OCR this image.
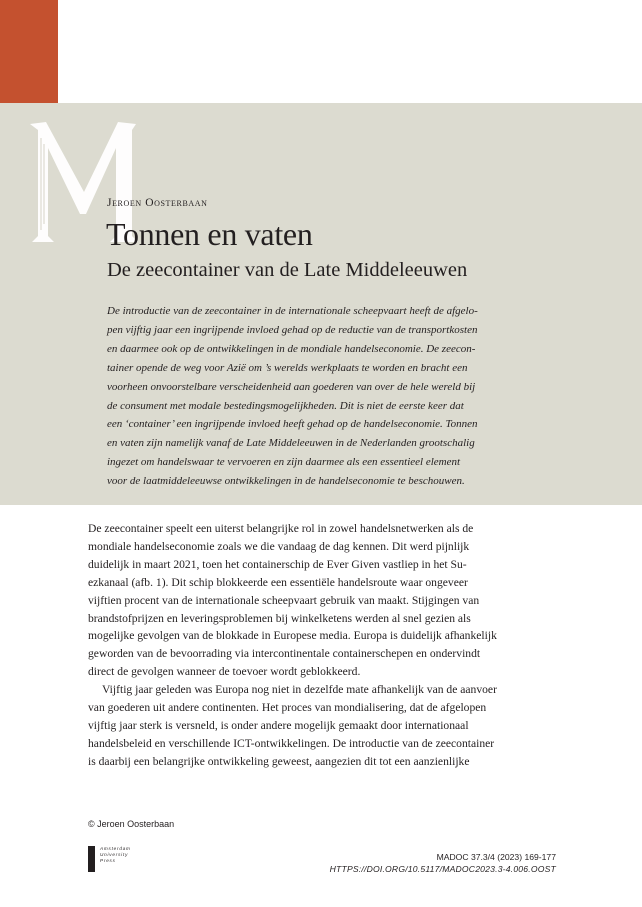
Jeroen Oosterbaan
Tonnen en vaten
De zeecontainer van de Late Middeleeuwen
De introductie van de zeecontainer in de internationale scheepvaart heeft de afgelo-
pen vijftig jaar een ingrijpende invloed gehad op de reductie van de transportkosten
en daarmee ook op de ontwikkelingen in de mondiale handelseconomie. De zeecon-
tainer opende de weg voor Azië om ’s werelds werkplaats te worden en bracht een
voorheen onvoorstelbare verscheidenheid aan goederen van over de hele wereld bij
de consument met modale bestedingsmogelijkheden. Dit is niet de eerste keer dat
een ‘container’ een ingrijpende invloed heeft gehad op de handelseconomie. Tonnen
en vaten zijn namelijk vanaf de Late Middeleeuwen in de Nederlanden grootschalig
ingezet om handelswaar te vervoeren en zijn daarmee als een essentieel element
voor de laatmiddeleeuwse ontwikkelingen in de handelseconomie te beschouwen.
De zeecontainer speelt een uiterst belangrijke rol in zowel handelsnetwerken als de
mondiale handelseconomie zoals we die vandaag de dag kennen. Dit werd pijnlijk
duidelijk in maart 2021, toen het containerschip de Ever Given vastliep in het Su-
ezkanaal (afb. 1). Dit schip blokkeerde een essentiële handelsroute waar ongeveer
vijftien procent van de internationale scheepvaart gebruik van maakt. Stijgingen van
brandstofprijzen en leveringsproblemen bij winkelketens werden al snel gezien als
mogelijke gevolgen van de blokkade in Europese media. Europa is duidelijk afhankelijk
geworden van de bevoorrading via intercontinentale containerschepen en ondervindt
direct de gevolgen wanneer de toevoer wordt geblokkeerd.
Vijftig jaar geleden was Europa nog niet in dezelfde mate afhankelijk van de aanvoer
van goederen uit andere continenten. Het proces van mondialisering, dat de afgelopen
vijftig jaar sterk is versneld, is onder andere mogelijk gemaakt door internationaal
handelsbeleid en verschillende ICT-ontwikkelingen. De introductie van de zeecontainer
is daarbij een belangrijke ontwikkeling geweest, aangezien dit tot een aanzienlijke
© Jeroen Oosterbaan
Amsterdam
University
Press	MADOC 37.3/4 (2023) 169-177
HTTPS://DOI.ORG/10.5117/MADOC2023.3-4.006.OOST
